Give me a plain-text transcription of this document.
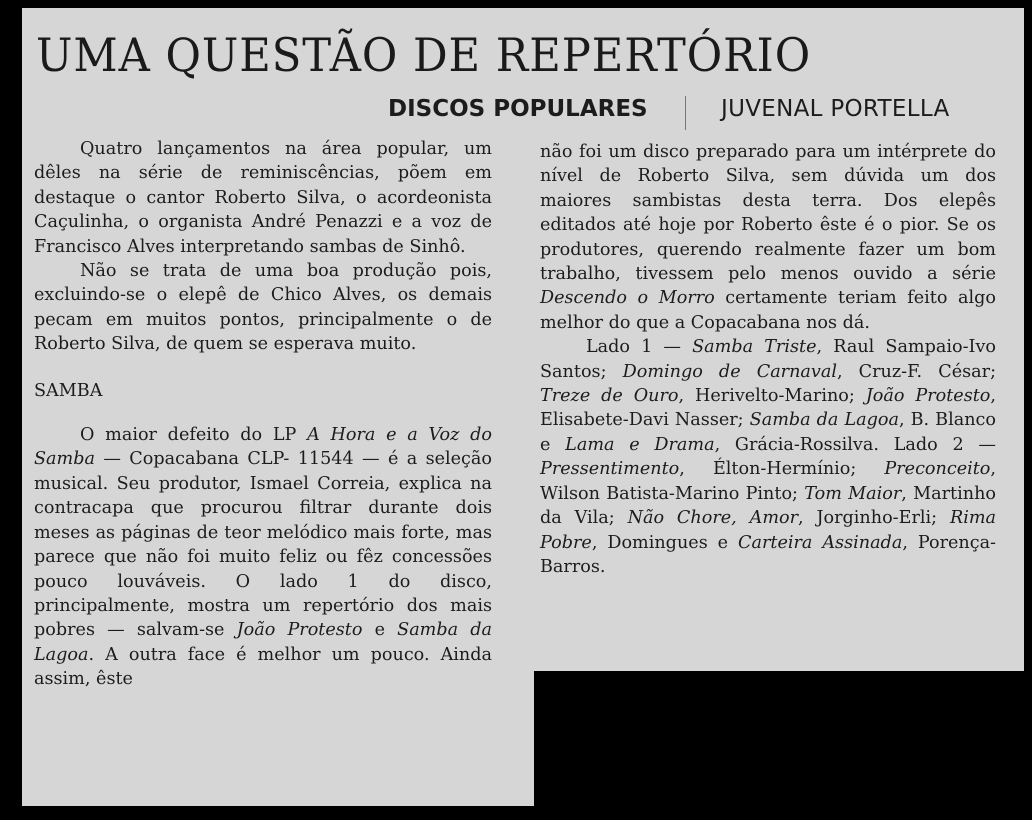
UMA QUESTÃO DE REPERTÓRIO
DISCOS POPULARES	JUVENAL PORTELLA

Quatro lançamentos na área popular, um dêles na série de reminiscências, põem em destaque o cantor Roberto Silva, o acordeonista Caçulinha, o organista André Penazzi e a voz de Francisco Alves interpretando sambas de Sinhô.

Não se trata de uma boa produção pois, excluindo-se o elepê de Chico Alves, os demais pecam em muitos pontos, principalmente o de Roberto Silva, de quem se esperava muito.

SAMBA

O maior defeito do LP A Hora e a Voz do Samba — Copacabana CLP- 11544 — é a seleção musical. Seu produtor, Ismael Correia, explica na contracapa que procurou filtrar durante dois meses as páginas de teor melódico mais forte, mas parece que não foi muito feliz ou fêz concessões pouco louváveis. O lado 1 do disco, principalmente, mostra um repertório dos mais pobres — salvam-se João Protesto e Samba da Lagoa. A outra face é melhor um pouco. Ainda assim, êste

não foi um disco preparado para um intérprete do nível de Roberto Silva, sem dúvida um dos maiores sambistas desta terra. Dos elepês editados até hoje por Roberto êste é o pior. Se os produtores, querendo realmente fazer um bom trabalho, tivessem pelo menos ouvido a série Descendo o Morro certamente teriam feito algo melhor do que a Copacabana nos dá.

Lado 1 — Samba Triste, Raul Sampaio-Ivo Santos; Domingo de Carnaval, Cruz-F. César; Treze de Ouro, Herivelto-Marino; João Protesto, Elisabete-Davi Nasser; Samba da Lagoa, B. Blanco e Lama e Drama, Grácia-Rossilva. Lado 2 — Pressentimento, Élton-Hermínio; Preconceito, Wilson Batista-Marino Pinto; Tom Maior, Martinho da Vila; Não Chore, Amor, Jorginho-Erli; Rima Pobre, Domingues e Carteira Assinada, Porença-Barros.
